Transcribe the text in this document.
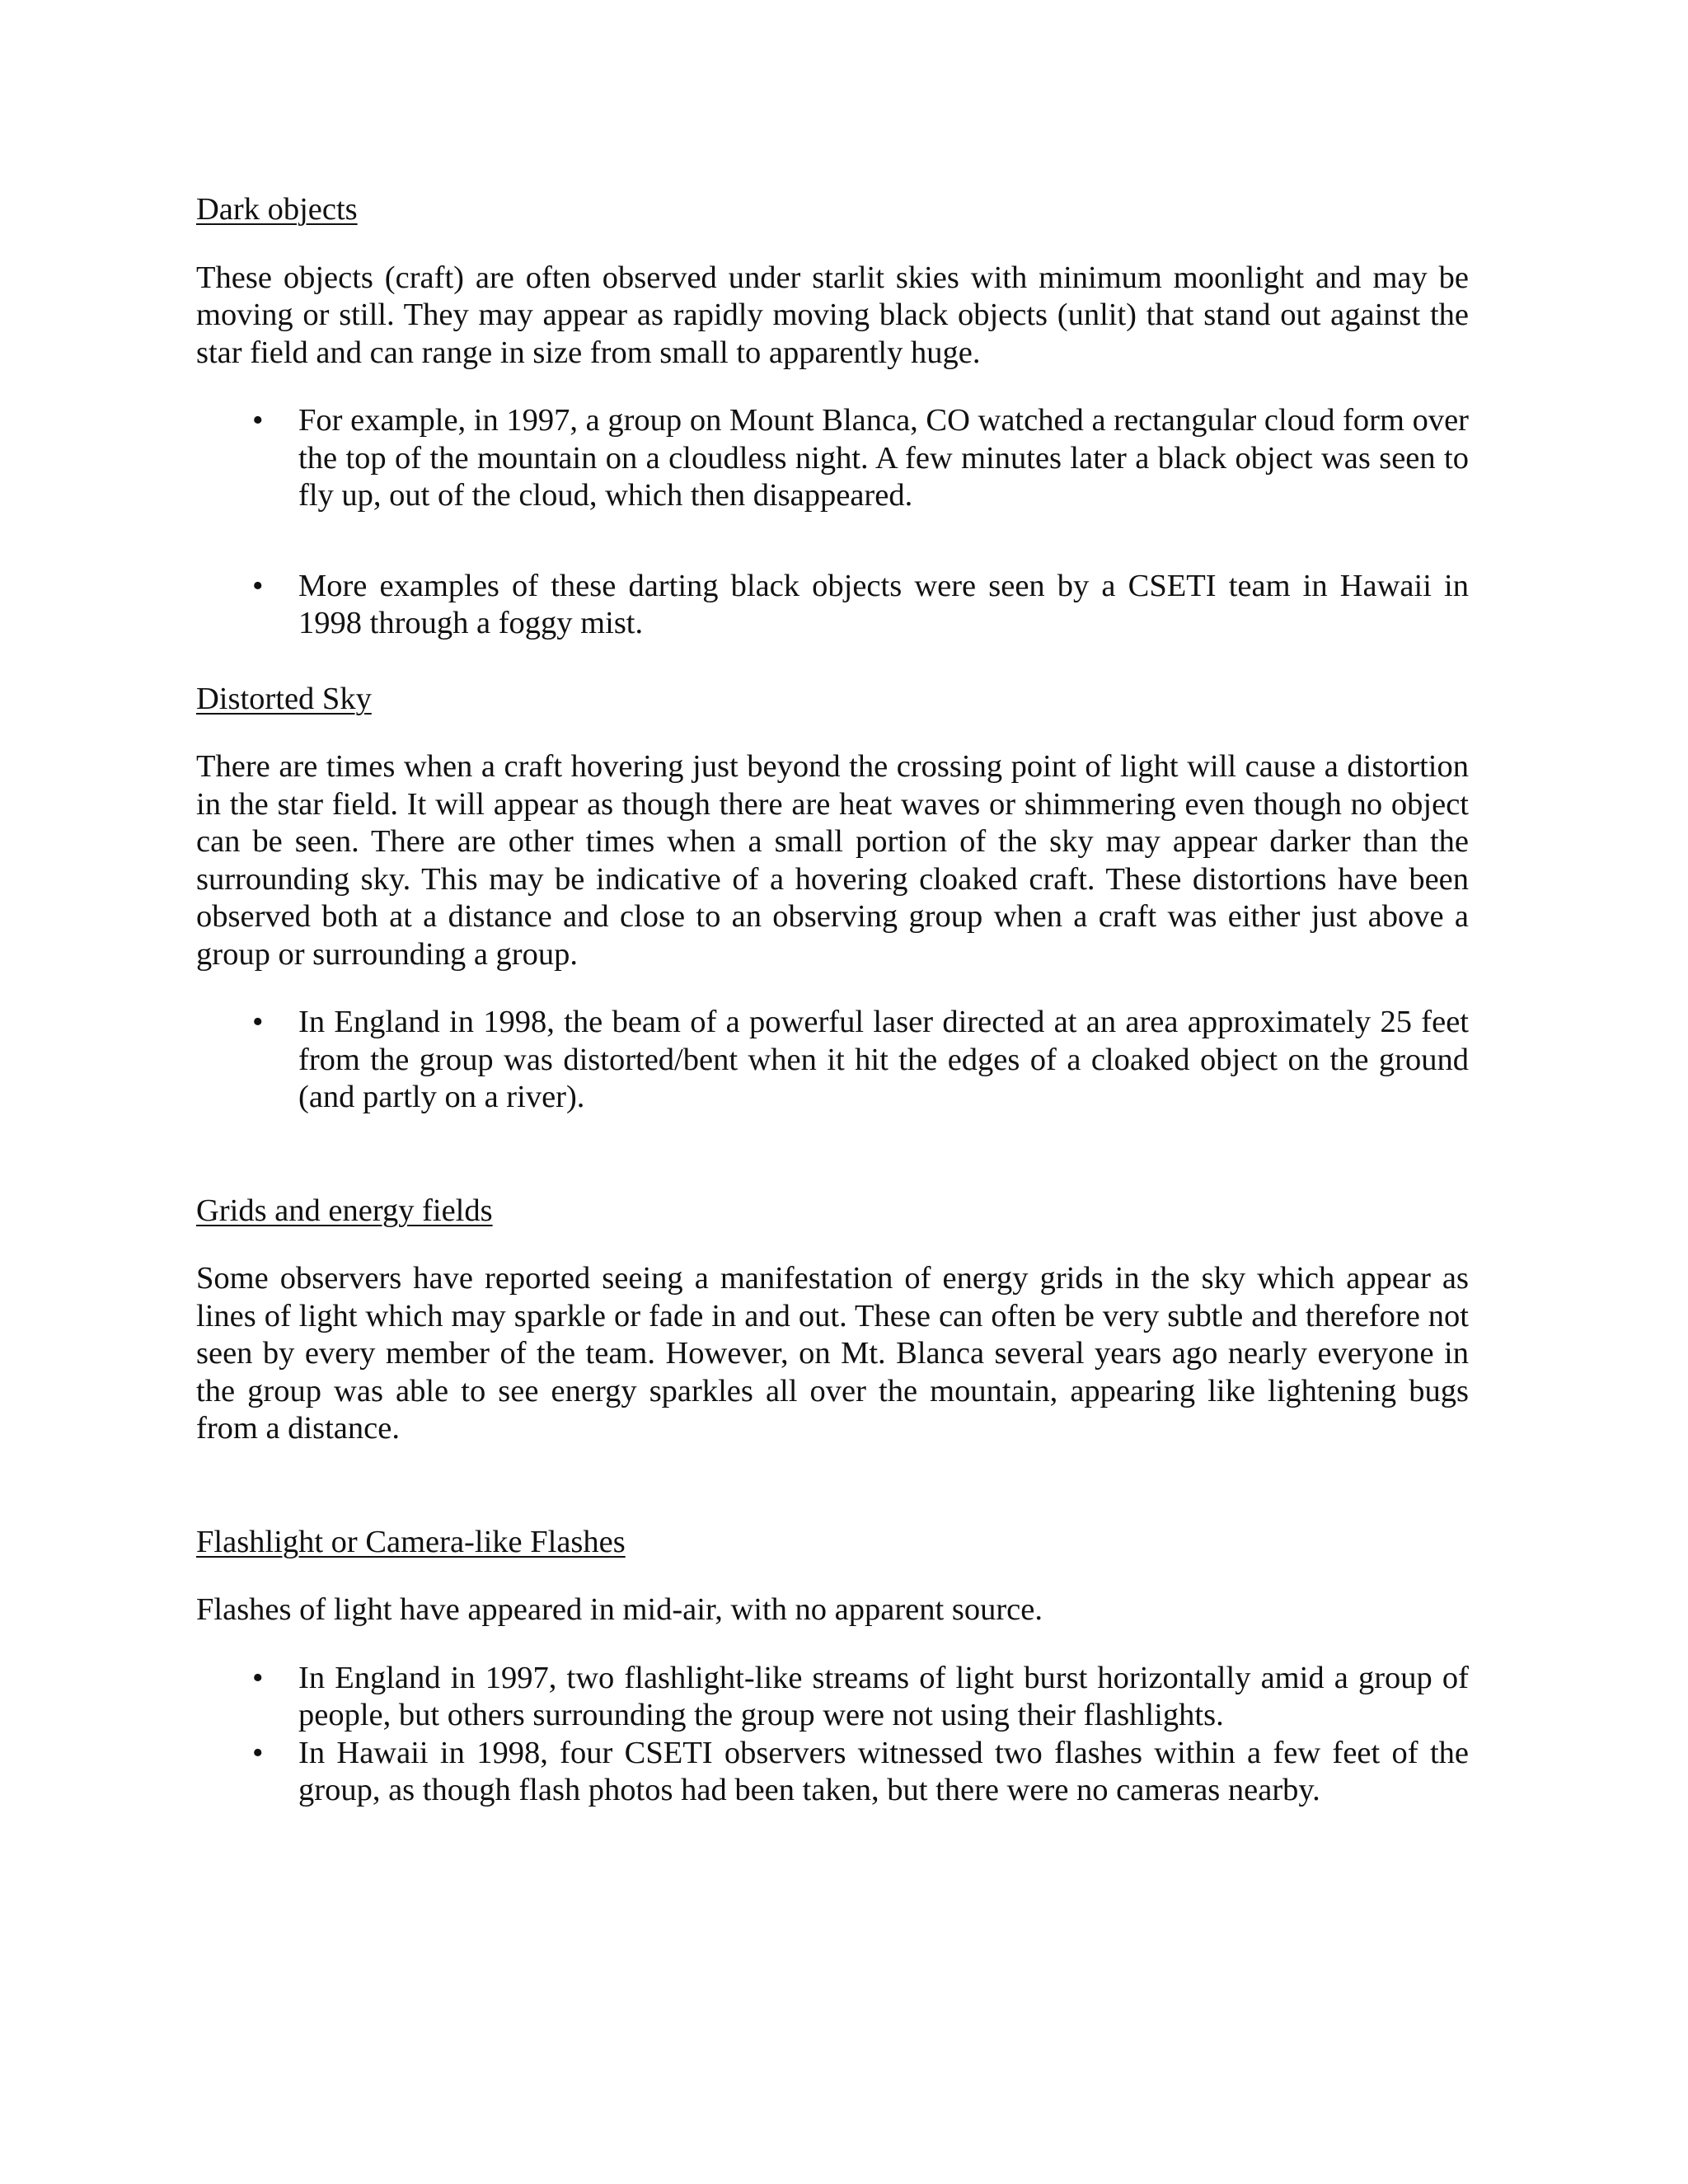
Dark objects

These objects (craft) are often observed under starlit skies with minimum moonlight and may be moving or still. They may appear as rapidly moving black objects (unlit) that stand out against the star field and can range in size from small to apparently huge.

• For example, in 1997, a group on Mount Blanca, CO watched a rectangular cloud form over the top of the mountain on a cloudless night. A few minutes later a black object was seen to fly up, out of the cloud, which then disappeared.
• More examples of these darting black objects were seen by a CSETI team in Hawaii in 1998 through a foggy mist.
Distorted Sky

There are times when a craft hovering just beyond the crossing point of light will cause a distortion in the star field. It will appear as though there are heat waves or shimmering even though no object can be seen. There are other times when a small portion of the sky may appear darker than the surrounding sky. This may be indicative of a hovering cloaked craft. These distortions have been observed both at a distance and close to an observing group when a craft was either just above a group or surrounding a group.

• In England in 1998, the beam of a powerful laser directed at an area approximately 25 feet from the group was distorted/bent when it hit the edges of a cloaked object on the ground (and partly on a river).
Grids and energy fields

Some observers have reported seeing a manifestation of energy grids in the sky which appear as lines of light which may sparkle or fade in and out. These can often be very subtle and therefore not seen by every member of the team. However, on Mt. Blanca several years ago nearly everyone in the group was able to see energy sparkles all over the mountain, appearing like lightening bugs from a distance.

Flashlight or Camera-like Flashes

Flashes of light have appeared in mid-air, with no apparent source.

• In England in 1997, two flashlight-like streams of light burst horizontally amid a group of people, but others surrounding the group were not using their flashlights.
• In Hawaii in 1998, four CSETI observers witnessed two flashes within a few feet of the group, as though flash photos had been taken, but there were no cameras nearby.
